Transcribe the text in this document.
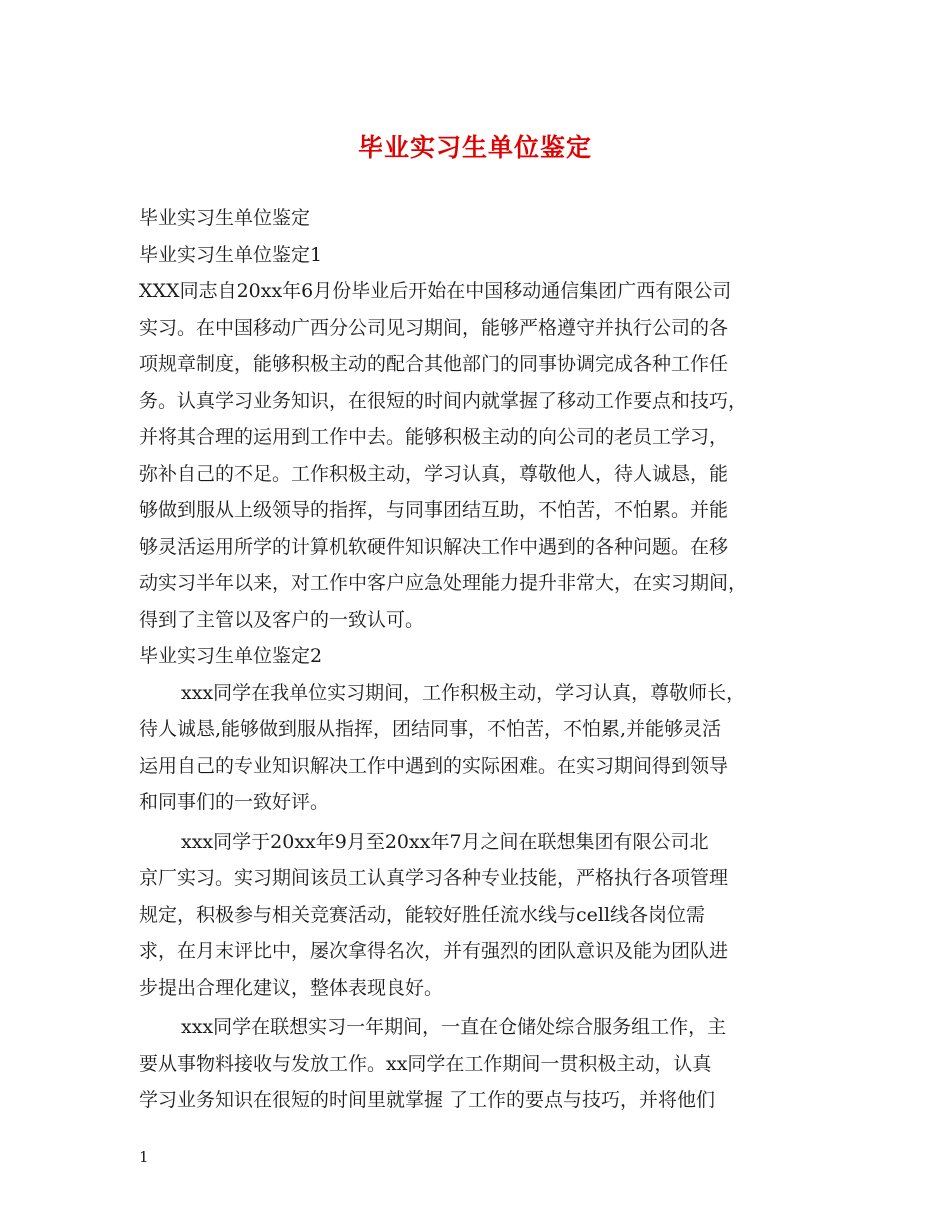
毕业实习生单位鉴定

毕业实习生单位鉴定

毕业实习生单位鉴定1

XXX同志自20xx年6月份毕业后开始在中国移动通信集团广西有限公司

实习。在中国移动广西分公司见习期间，能够严格遵守并执行公司的各

项规章制度，能够积极主动的配合其他部门的同事协调完成各种工作任

务。认真学习业务知识，在很短的时间内就掌握了移动工作要点和技巧，

并将其合理的运用到工作中去。能够积极主动的向公司的老员工学习，

弥补自己的不足。工作积极主动，学习认真，尊敬他人，待人诚恳，能

够做到服从上级领导的指挥，与同事团结互助，不怕苦，不怕累。并能

够灵活运用所学的计算机软硬件知识解决工作中遇到的各种问题。在移

动实习半年以来，对工作中客户应急处理能力提升非常大，在实习期间，

得到了主管以及客户的一致认可。

毕业实习生单位鉴定2

xxx同学在我单位实习期间，工作积极主动，学习认真，尊敬师长，

待人诚恳,能够做到服从指挥，团结同事，不怕苦，不怕累,并能够灵活

运用自己的专业知识解决工作中遇到的实际困难。在实习期间得到领导

和同事们的一致好评。

xxx同学于20xx年9月至20xx年7月之间在联想集团有限公司北

京厂实习。实习期间该员工认真学习各种专业技能，严格执行各项管理

规定，积极参与相关竞赛活动，能较好胜任流水线与cell线各岗位需

求，在月末评比中，屡次拿得名次，并有强烈的团队意识及能为团队进

步提出合理化建议，整体表现良好。

xxx同学在联想实习一年期间，一直在仓储处综合服务组工作，主

要从事物料接收与发放工作。xx同学在工作期间一贯积极主动，认真

学习业务知识在很短的时间里就掌握 了工作的要点与技巧，并将他们

1
